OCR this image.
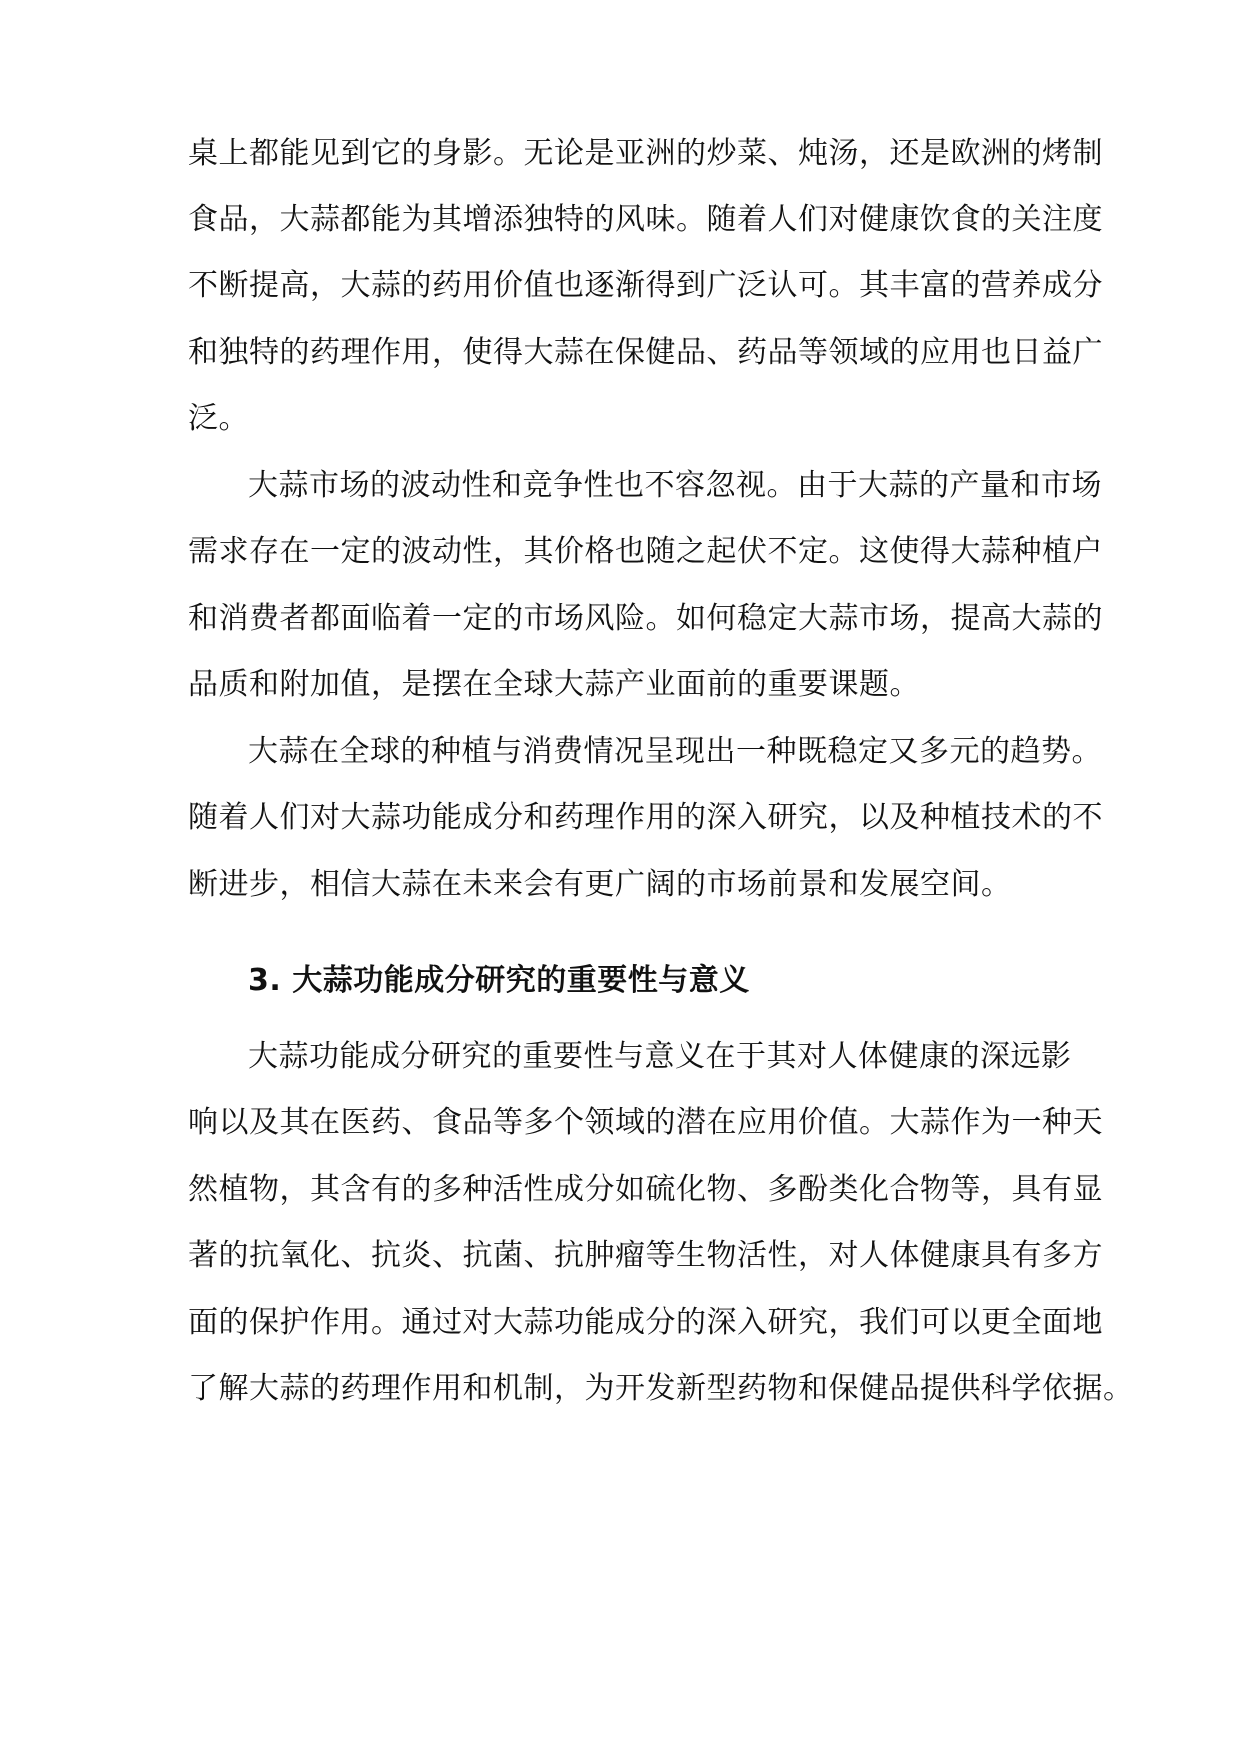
桌上都能见到它的身影。无论是亚洲的炒菜、炖汤，还是欧洲的烤制
食品，大蒜都能为其增添独特的风味。随着人们对健康饮食的关注度
不断提高，大蒜的药用价值也逐渐得到广泛认可。其丰富的营养成分
和独特的药理作用，使得大蒜在保健品、药品等领域的应用也日益广
泛。
大蒜市场的波动性和竞争性也不容忽视。由于大蒜的产量和市场
需求存在一定的波动性，其价格也随之起伏不定。这使得大蒜种植户
和消费者都面临着一定的市场风险。如何稳定大蒜市场，提高大蒜的
品质和附加值，是摆在全球大蒜产业面前的重要课题。
大蒜在全球的种植与消费情况呈现出一种既稳定又多元的趋势。
随着人们对大蒜功能成分和药理作用的深入研究，以及种植技术的不
断进步，相信大蒜在未来会有更广阔的市场前景和发展空间。
3. 大蒜功能成分研究的重要性与意义
大蒜功能成分研究的重要性与意义在于其对人体健康的深远影
响以及其在医药、食品等多个领域的潜在应用价值。大蒜作为一种天
然植物，其含有的多种活性成分如硫化物、多酚类化合物等，具有显
著的抗氧化、抗炎、抗菌、抗肿瘤等生物活性，对人体健康具有多方
面的保护作用。通过对大蒜功能成分的深入研究，我们可以更全面地
了解大蒜的药理作用和机制，为开发新型药物和保健品提供科学依据。
